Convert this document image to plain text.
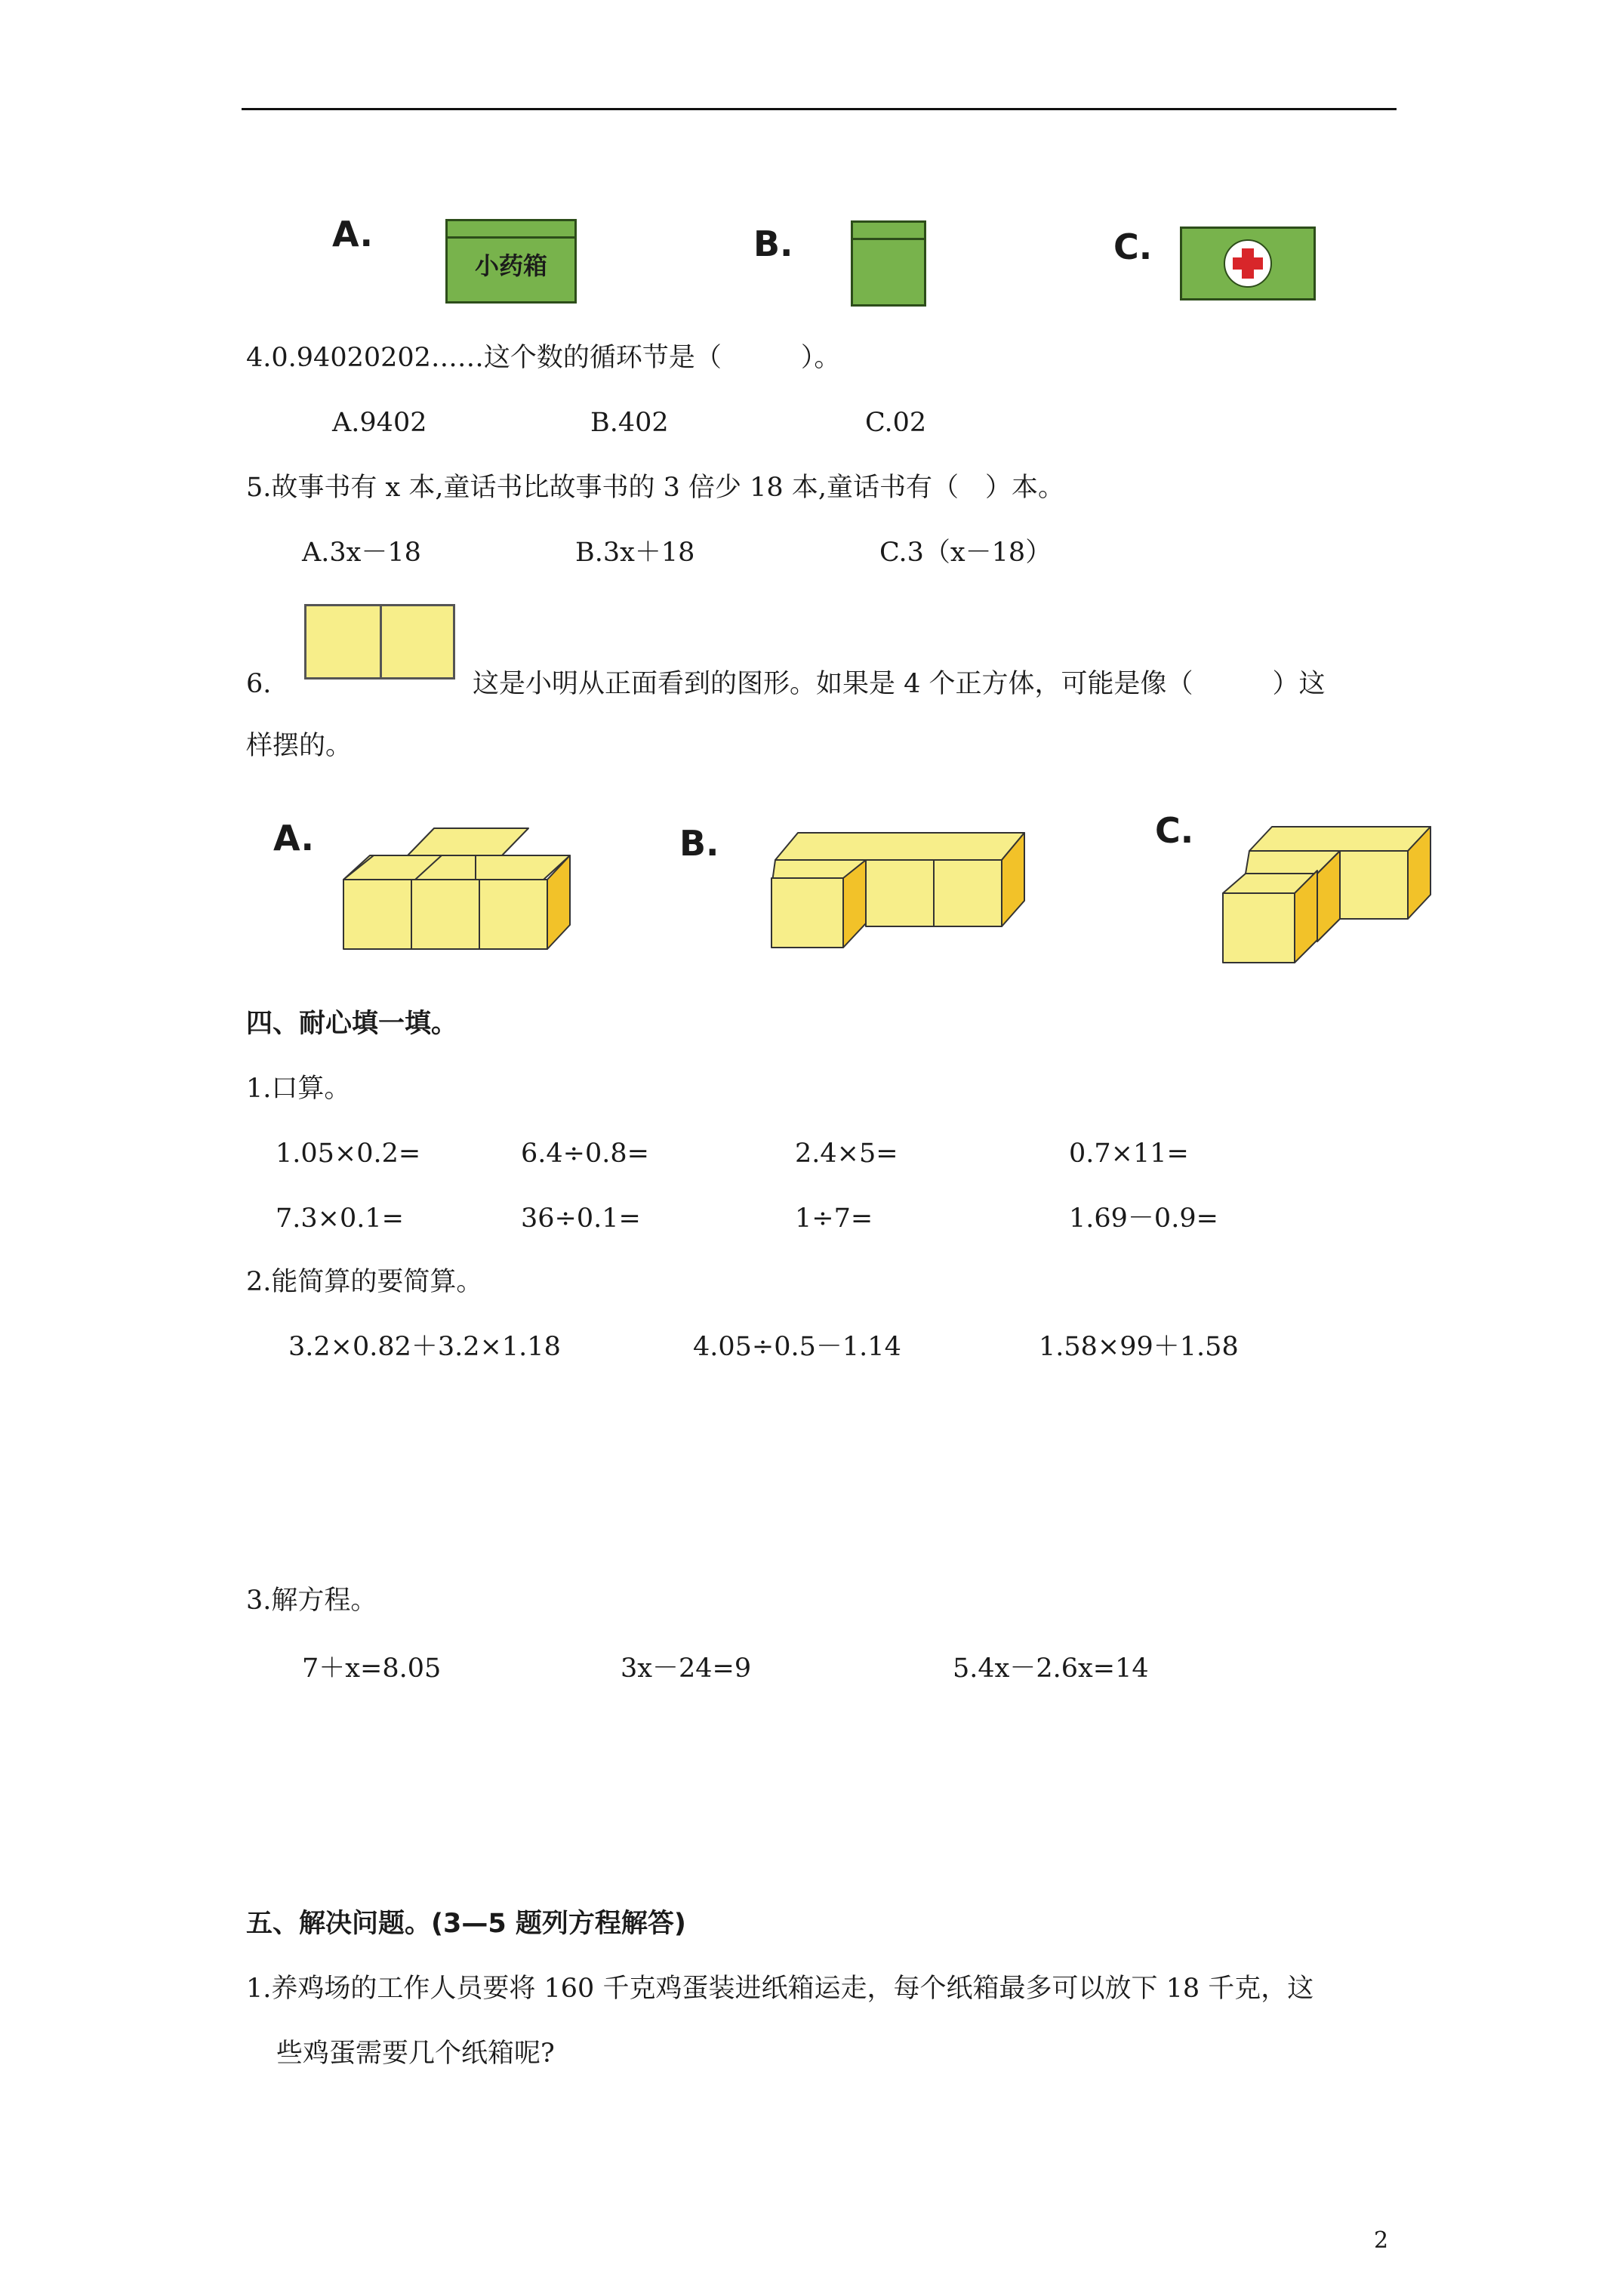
A.
小药箱
B.	C.
4.0.94020202……这个数的循环节是（　　　）。
A.9402	B.402	C.02
5.故事书有 x 本,童话书比故事书的 3 倍少 18 本,童话书有（　）本。
A.3x－18	B.3x＋18	C.3（x－18）
6.	这是小明从正面看到的图形。如果是 4 个正方体，可能是像（　　　）这
样摆的。
A.	B.	C.
四、耐心填一填。
1.口算。
1.05×0.2=	6.4÷0.8=	2.4×5=	0.7×11=
7.3×0.1=	36÷0.1=	1÷7=	1.69－0.9=
2.能简算的要简算。
3.2×0.82＋3.2×1.18	4.05÷0.5－1.14	1.58×99＋1.58
3.解方程。
7＋x=8.05	3x－24=9	5.4x－2.6x=14
五、解决问题。(3—5 题列方程解答)
1.养鸡场的工作人员要将 160 千克鸡蛋装进纸箱运走，每个纸箱最多可以放下 18 千克，这
些鸡蛋需要几个纸箱呢?
2
